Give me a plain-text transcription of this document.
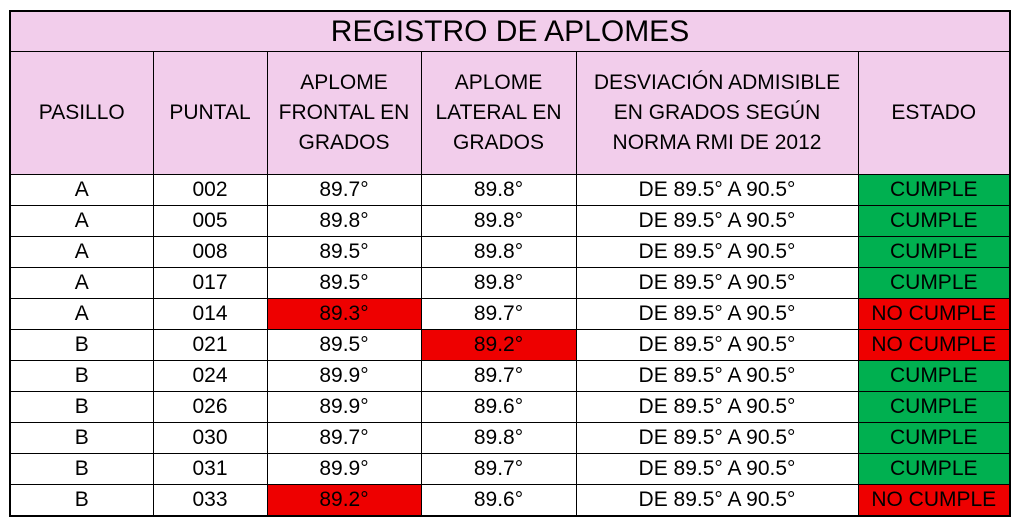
REGISTRO DE APLOMES					
PASILLO	PUNTAL	APLOME FRONTAL EN GRADOS	APLOME LATERAL EN GRADOS	DESVIACIÓN ADMISIBLE EN GRADOS SEGÚN NORMA RMI DE 2012	ESTADO
A	002	89.7°	89.8°	DE 89.5° A 90.5°	CUMPLE
A	005	89.8°	89.8°	DE 89.5° A 90.5°	CUMPLE
A	008	89.5°	89.8°	DE 89.5° A 90.5°	CUMPLE
A	017	89.5°	89.8°	DE 89.5° A 90.5°	CUMPLE
A	014	89.3°	89.7°	DE 89.5° A 90.5°	NO CUMPLE
B	021	89.5°	89.2°	DE 89.5° A 90.5°	NO CUMPLE
B	024	89.9°	89.7°	DE 89.5° A 90.5°	CUMPLE
B	026	89.9°	89.6°	DE 89.5° A 90.5°	CUMPLE
B	030	89.7°	89.8°	DE 89.5° A 90.5°	CUMPLE
B	031	89.9°	89.7°	DE 89.5° A 90.5°	CUMPLE
B	033	89.2°	89.6°	DE 89.5° A 90.5°	NO CUMPLE
